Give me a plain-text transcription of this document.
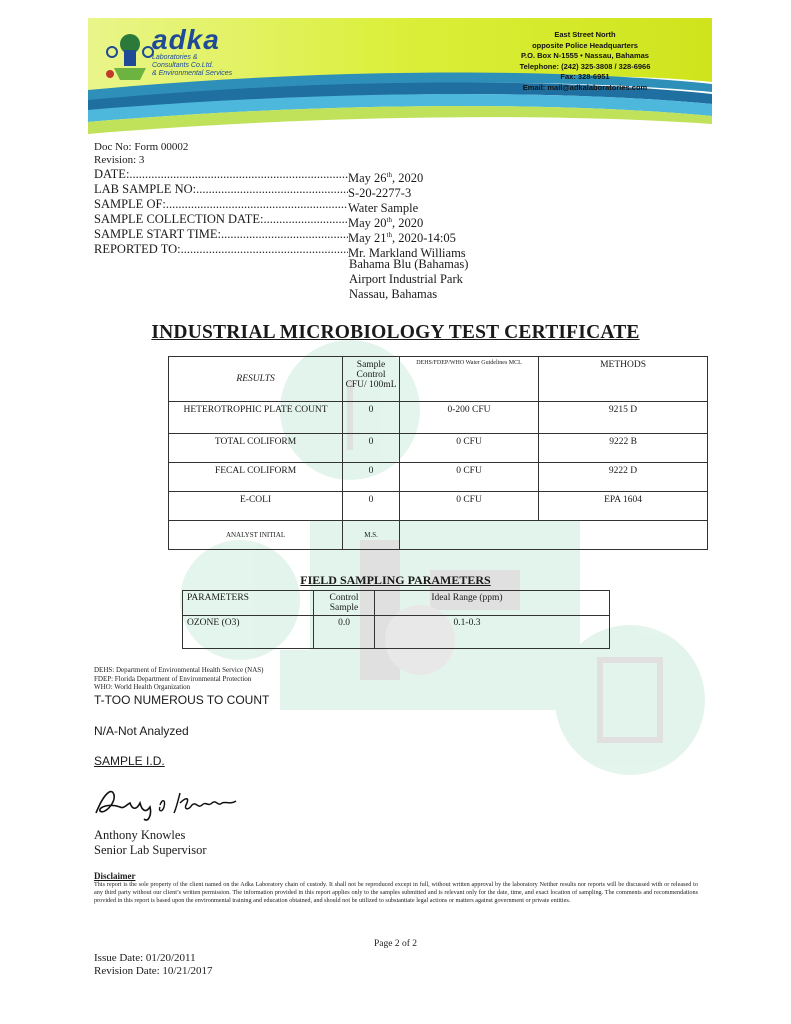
adka
Laboratories &
Consultants Co.Ltd.
& Environmental Services
East Street North
opposite Police Headquarters
P.O. Box N-1555 • Nassau, Bahamas
Telephone: (242) 325-3808 / 328-6966
Fax: 328-6951
Email: mail@adkalaboratories.com
Doc No: Form 00002
Revision: 3
DATE: .....	May 26th, 2020
LAB SAMPLE NO: .....	S-20-2277-3
SAMPLE OF: .....	Water Sample
SAMPLE COLLECTION DATE: .....	May 20th, 2020
SAMPLE START TIME: .....	May 21th, 2020-14:05
REPORTED TO: .....	Mr. Markland Williams
Bahama Blu (Bahamas)
Airport Industrial Park
Nassau, Bahamas
INDUSTRIAL MICROBIOLOGY TEST CERTIFICATE
RESULTS	Sample Control CFU/ 100mL	DEHS/FDEP/WHO Water Guidelines MCL	METHODS
HETEROTROPHIC PLATE COUNT	0	0-200 CFU	9215 D
TOTAL COLIFORM	0	0 CFU	9222 B
FECAL COLIFORM	0	0 CFU	9222 D
E-COLI	0	0 CFU	EPA 1604
ANALYST INITIAL	M.S.		
FIELD SAMPLING PARAMETERS
PARAMETERS	Control Sample	Ideal Range (ppm)
OZONE (O3)	0.0	0.1-0.3
DEHS: Department of Environmental Health Service (NAS)
FDEP: Florida Department of Environmental Protection
WHO: World Health Organization
T-TOO NUMEROUS TO COUNT
N/A-Not Analyzed
SAMPLE I.D.
Anthony Knowles
Senior Lab Supervisor
Disclaimer
This report is the sole property of the client named on the Adka Laboratory chain of custody. It shall not be reproduced except in full, without written approval by the laboratory Neither results nor reports will be discussed with or released to any third party without our client’s written permission. The information provided in this report applies only to the samples submitted and is relevant only for the date, time, and exact location of sampling. The comments and recommendations provided in this report is based upon the environmental training and education obtained, and should not be utilized to substantiate legal actions or matters against government or private entities.
Page 2 of 2
Issue Date: 01/20/2011
Revision Date: 10/21/2017
